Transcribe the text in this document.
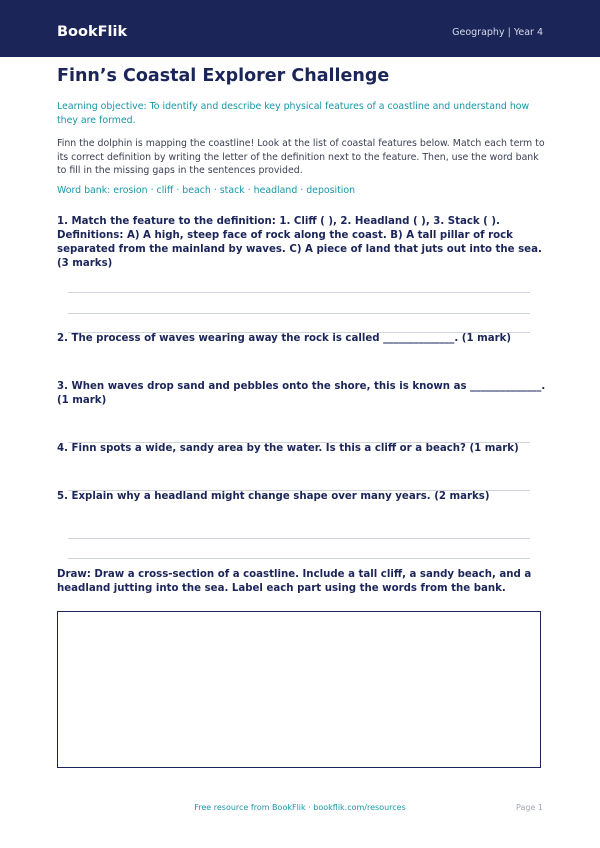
BookFlik	Geography | Year 4
Finn’s Coastal Explorer Challenge

Learning objective: To identify and describe key physical features of a coastline and understand how they are formed.

Finn the dolphin is mapping the coastline! Look at the list of coastal features below. Match each term to its correct definition by writing the letter of the definition next to the feature. Then, use the word bank to fill in the missing gaps in the sentences provided.

Word bank: erosion · cliff · beach · stack · headland · deposition

1. Match the feature to the definition: 1. Cliff ( ), 2. Headland ( ), 3. Stack ( ). Definitions: A) A high, steep face of rock along the coast. B) A tall pillar of rock separated from the mainland by waves. C) A piece of land that juts out into the sea. (3 marks)

2. The process of waves wearing away the rock is called ______________. (1 mark)

3. When waves drop sand and pebbles onto the shore, this is known as ______________. (1 mark)

4. Finn spots a wide, sandy area by the water. Is this a cliff or a beach? (1 mark)

5. Explain why a headland might change shape over many years. (2 marks)

Draw: Draw a cross-section of a coastline. Include a tall cliff, a sandy beach, and a headland jutting into the sea. Label each part using the words from the bank.

Free resource from BookFlik · bookflik.com/resources	Page 1
